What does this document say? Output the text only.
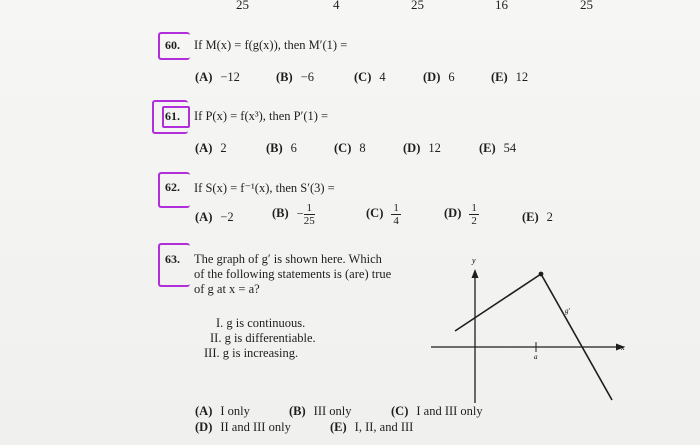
25	4	25	16	25
60. If M(x) = f(g(x)), then M′(1) =
(A) −12	(B) −6	(C) 4	(D) 6	(E) 12
61. If P(x) = f(x³), then P′(1) =
(A) 2	(B) 6	(C) 8	(D) 12	(E) 54
62. If S(x) = f⁻¹(x), then S′(3) =
(A) −2	$(B) - \frac{1}{25}$	$(C) \frac{1}{4}$	$(D) \frac{1}{2}$	(E) 2
63. The graph of g′ is shown here. Which
of the following statements is (are) true
of g at x = a?
I. g is continuous.
II. g is differentiable.
III. g is increasing.
y
x
a
g′
(A) I only	(B) III only	(C) I and III only
(D) II and III only	(E) I, II, and III
